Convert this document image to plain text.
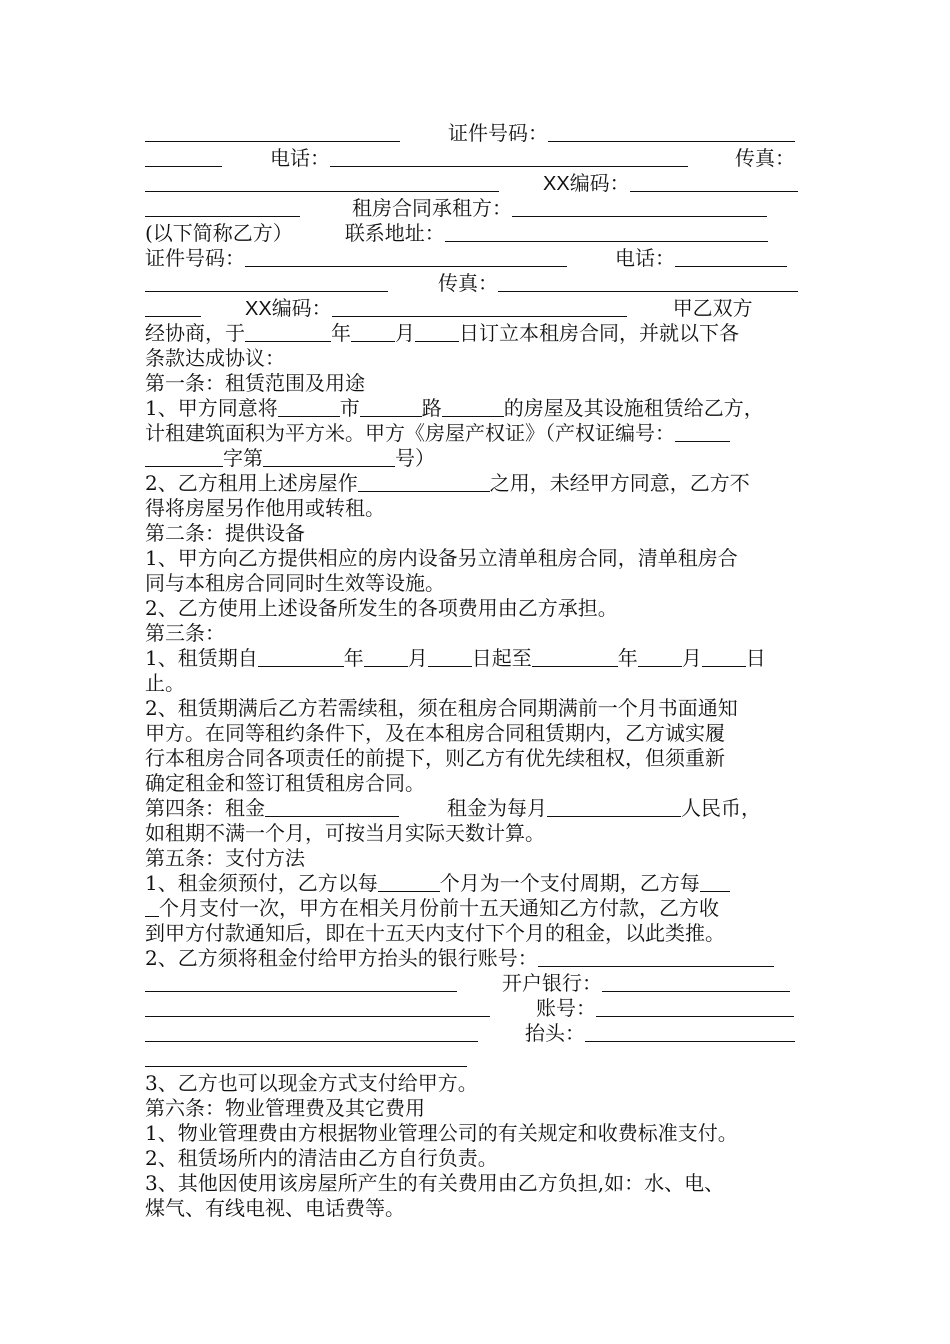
证件号码：
电话：	传真：
XX编码：
租房合同承租方：
(以下简称乙方）	联系地址：
证件号码：	电话：
传真：
XX编码：	甲乙双方
经协商，于	年 月 日订立本租房合同，并就以下各
条款达成协议：
第一条：租赁范围及用途
1、甲方同意将	市	路	的房屋及其设施租赁给乙方，
计租建筑面积为平方米。甲方《房屋产权证》（产权证编号：
字第	号）
2、乙方租用上述房屋作	之用，未经甲方同意，乙方不
得将房屋另作他用或转租。
第二条：提供设备
1、甲方向乙方提供相应的房内设备另立清单租房合同，清单租房合
同与本租房合同同时生效等设施。
2、乙方使用上述设备所发生的各项费用由乙方承担。
第三条：
1、租赁期自	年 月 日起至	年 月 日
止。
2、租赁期满后乙方若需续租，须在租房合同期满前一个月书面通知
甲方。在同等租约条件下，及在本租房合同租赁期内，乙方诚实履
行本租房合同各项责任的前提下，则乙方有优先续租权，但须重新
确定租金和签订租赁租房合同。
第四条：租金	租金为每月	人民币，
如租期不满一个月，可按当月实际天数计算。
第五条：支付方法
1、租金须预付，乙方以每	个月为一个支付周期，乙方每
个月支付一次，甲方在相关月份前十五天通知乙方付款，乙方收
到甲方付款通知后，即在十五天内支付下个月的租金，以此类推。
2、乙方须将租金付给甲方抬头的银行账号：
开户银行：
账号：
抬头：
3、乙方也可以现金方式支付给甲方。
第六条：物业管理费及其它费用
1、物业管理费由方根据物业管理公司的有关规定和收费标准支付。
2、租赁场所内的清洁由乙方自行负责。
3、其他因使用该房屋所产生的有关费用由乙方负担,如：水、电、
煤气、有线电视、电话费等。
